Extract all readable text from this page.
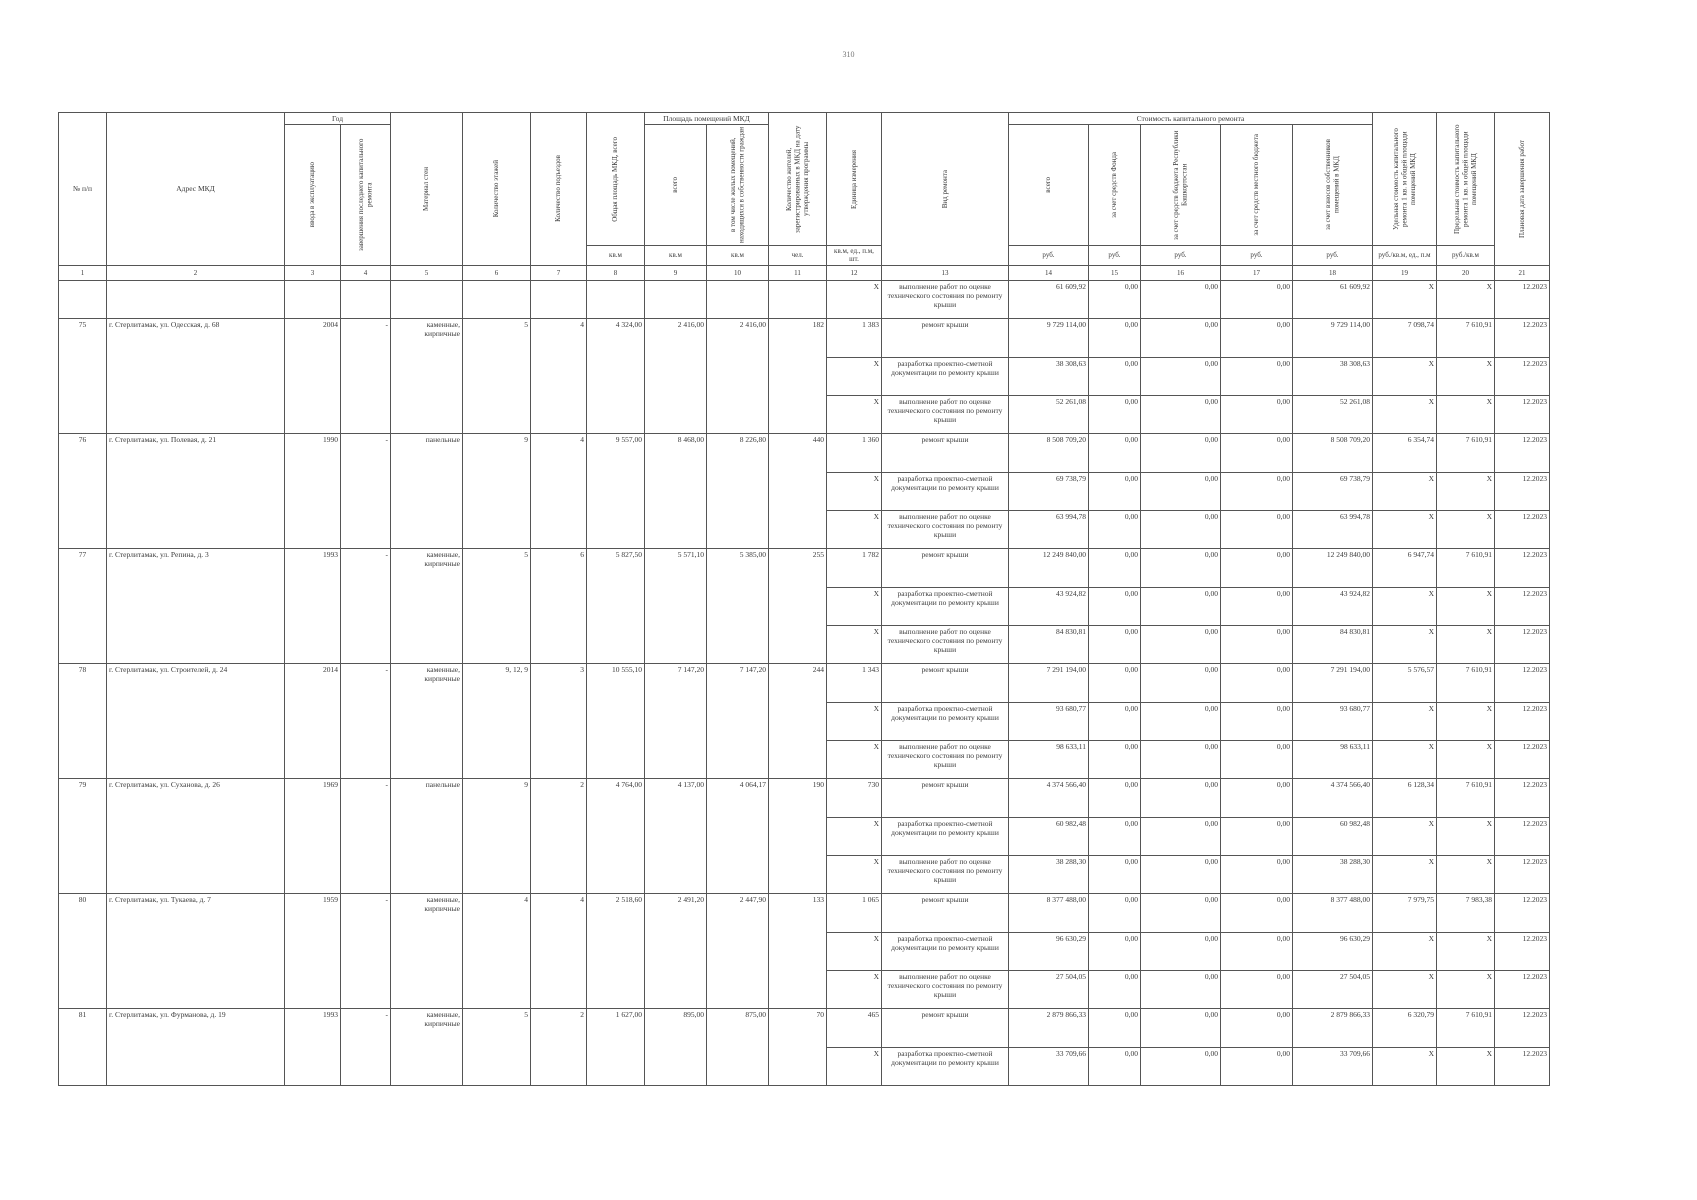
310
№ п/п	Адрес МКД	Год		Материал стен	Количество этажей	Количество подъездов	Общая площадь МКД, всего	Площадь помещений МКД		Количество жителей, зарегистрированных в МКД на дату утверждения программы	Единица измерения	Вид ремонта	Стоимость капитального ремонта					Удельная стоимость капитального ремонта 1 кв. м общей площади помещений МКД	Предельная стоимость капитального ремонта 1 кв. м общей площади помещений МКД	Плановая дата завершения работ

		ввода в эксплуатацию	завершения последнего капитального ремонта					всего	в том числе жилых помещений, находящихся в собственности граждан				всего	за счет средств Фонда	за счет средств бюджета Республики Башкортостан	за счет средств местного бюджета	за счет взносов собственников помещений в МКД			

							кв.м	кв.м	кв.м	чел.	кв.м, ед., п.м, шт.		руб.	руб.	руб.	руб.	руб.	руб./кв.м, ед., п.м	руб./кв.м	
1	2	3	4	5	6	7	8	9	10	11	12	13	14	15	16	17	18	19	20	21
											X	выполнение работ по оценке технического состояния по ремонту крыши	61 609,92	0,00	0,00	0,00	61 609,92	X	X	12.2023
75	г. Стерлитамак, ул. Одесская, д. 68	2004	-	каменные, кирпичные	5	4	4 324,00	2 416,00	2 416,00	182	1 383	ремонт крыши	9 729 114,00	0,00	0,00	0,00	9 729 114,00	7 098,74	7 610,91	12.2023
											X	разработка проектно-сметной документации по ремонту крыши	38 308,63	0,00	0,00	0,00	38 308,63	X	X	12.2023
											X	выполнение работ по оценке технического состояния по ремонту крыши	52 261,08	0,00	0,00	0,00	52 261,08	X	X	12.2023
76	г. Стерлитамак, ул. Полевая, д. 21	1990	-	панельные	9	4	9 557,00	8 468,00	8 226,80	440	1 360	ремонт крыши	8 508 709,20	0,00	0,00	0,00	8 508 709,20	6 354,74	7 610,91	12.2023
											X	разработка проектно-сметной документации по ремонту крыши	69 738,79	0,00	0,00	0,00	69 738,79	X	X	12.2023
											X	выполнение работ по оценке технического состояния по ремонту крыши	63 994,78	0,00	0,00	0,00	63 994,78	X	X	12.2023
77	г. Стерлитамак, ул. Репина, д. 3	1993	-	каменные, кирпичные	5	6	5 827,50	5 571,10	5 385,00	255	1 782	ремонт крыши	12 249 840,00	0,00	0,00	0,00	12 249 840,00	6 947,74	7 610,91	12.2023
											X	разработка проектно-сметной документации по ремонту крыши	43 924,82	0,00	0,00	0,00	43 924,82	X	X	12.2023
											X	выполнение работ по оценке технического состояния по ремонту крыши	84 830,81	0,00	0,00	0,00	84 830,81	X	X	12.2023
78	г. Стерлитамак, ул. Строителей, д. 24	2014	-	каменные, кирпичные	9, 12, 9	3	10 555,10	7 147,20	7 147,20	244	1 343	ремонт крыши	7 291 194,00	0,00	0,00	0,00	7 291 194,00	5 576,57	7 610,91	12.2023
											X	разработка проектно-сметной документации по ремонту крыши	93 680,77	0,00	0,00	0,00	93 680,77	X	X	12.2023
											X	выполнение работ по оценке технического состояния по ремонту крыши	98 633,11	0,00	0,00	0,00	98 633,11	X	X	12.2023
79	г. Стерлитамак, ул. Суханова, д. 26	1969	-	панельные	9	2	4 764,00	4 137,00	4 064,17	190	730	ремонт крыши	4 374 566,40	0,00	0,00	0,00	4 374 566,40	6 128,34	7 610,91	12.2023
											X	разработка проектно-сметной документации по ремонту крыши	60 982,48	0,00	0,00	0,00	60 982,48	X	X	12.2023
											X	выполнение работ по оценке технического состояния по ремонту крыши	38 288,30	0,00	0,00	0,00	38 288,30	X	X	12.2023
80	г. Стерлитамак, ул. Тукаева, д. 7	1959	-	каменные, кирпичные	4	4	2 518,60	2 491,20	2 447,90	133	1 065	ремонт крыши	8 377 488,00	0,00	0,00	0,00	8 377 488,00	7 979,75	7 983,38	12.2023
											X	разработка проектно-сметной документации по ремонту крыши	96 630,29	0,00	0,00	0,00	96 630,29	X	X	12.2023
											X	выполнение работ по оценке технического состояния по ремонту крыши	27 504,05	0,00	0,00	0,00	27 504,05	X	X	12.2023
81	г. Стерлитамак, ул. Фурманова, д. 19	1993	-	каменные, кирпичные	5	2	1 627,00	895,00	875,00	70	465	ремонт крыши	2 879 866,33	0,00	0,00	0,00	2 879 866,33	6 320,79	7 610,91	12.2023
											X	разработка проектно-сметной документации по ремонту крыши	33 709,66	0,00	0,00	0,00	33 709,66	X	X	12.2023
